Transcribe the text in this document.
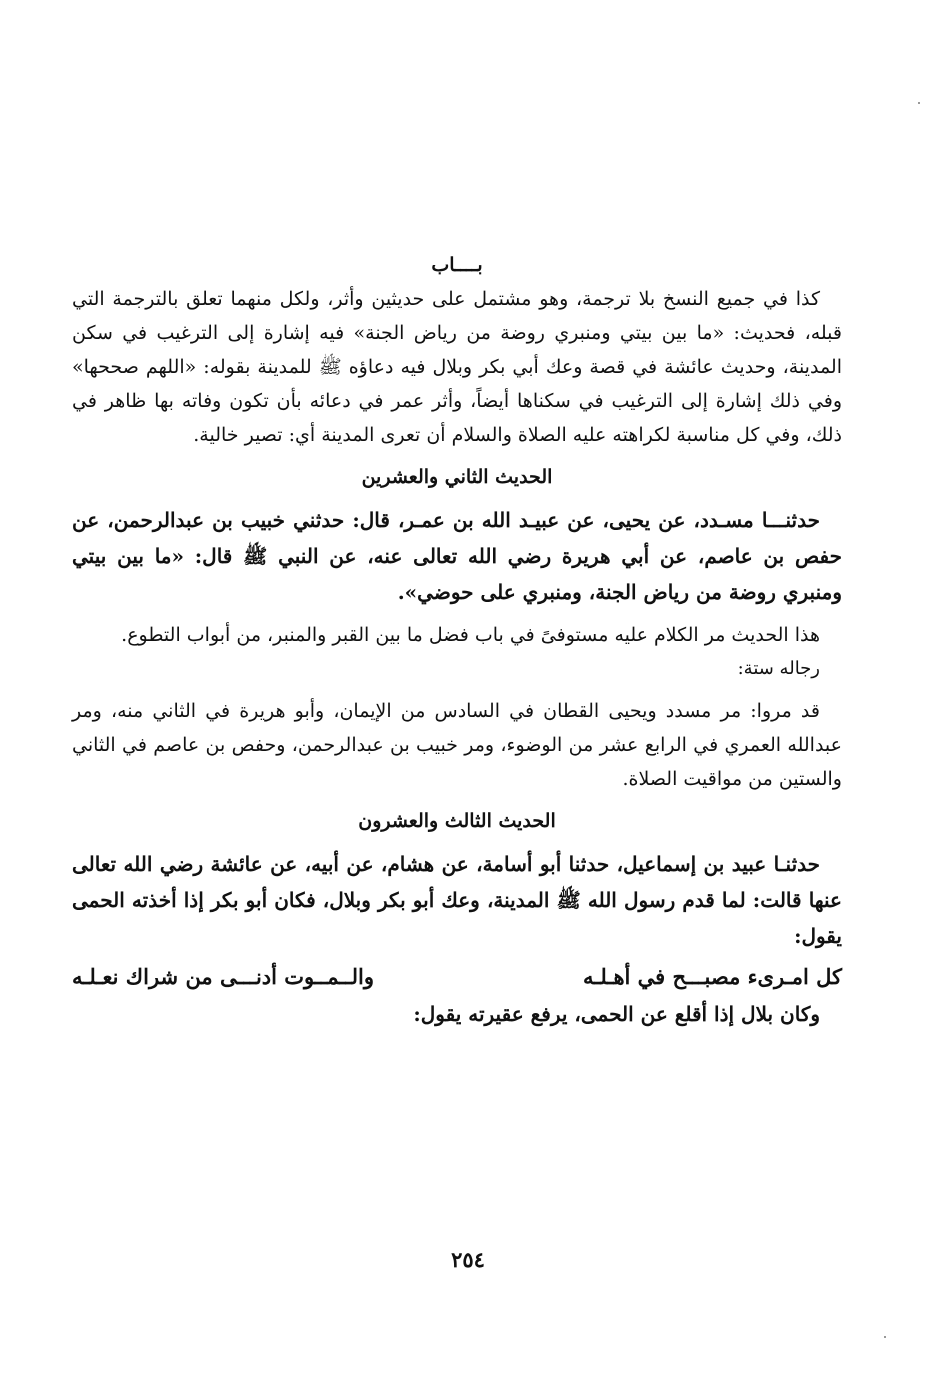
بــــاب

كذا في جميع النسخ بلا ترجمة، وهو مشتمل على حديثين وأثر، ولكل منهما تعلق بالترجمة التي قبله، فحديث: «ما بين بيتي ومنبري روضة من رياض الجنة» فيه إشارة إلى الترغيب في سكن المدينة، وحديث عائشة في قصة وعك أبي بكر وبلال فيه دعاؤه ﷺ للمدينة بقوله: «اللهم صححها» وفي ذلك إشارة إلى الترغيب في سكناها أيضاً، وأثر عمر في دعائه بأن تكون وفاته بها ظاهر في ذلك، وفي كل مناسبة لكراهته عليه الصلاة والسلام أن تعرى المدينة أي: تصير خالية.

الحديث الثاني والعشرين

حدثنـــا مسـدد، عن يحيى، عن عبيـد الله بن عمـر، قال: حدثني خبيب بن عبدالرحمن، عن حفص بن عاصم، عن أبي هريرة رضي الله تعالى عنه، عن النبي ﷺ قال: «ما بين بيتي ومنبري روضة من رياض الجنة، ومنبري على حوضي».

هذا الحديث مر الكلام عليه مستوفىً في باب فضل ما بين القبر والمنبر، من أبواب التطوع.

رجاله ستة:

قد مروا: مر مسدد ويحيى القطان في السادس من الإيمان، وأبو هريرة في الثاني منه، ومر عبدالله العمري في الرابع عشر من الوضوء، ومر خبيب بن عبدالرحمن، وحفص بن عاصم في الثاني والستين من مواقيت الصلاة.

الحديث الثالث والعشرون

حدثنـا عبيد بن إسماعيل، حدثنا أبو أسامة، عن هشام، عن أبيه، عن عائشة رضي الله تعالى عنها قالت: لما قدم رسول الله ﷺ المدينة، وعك أبو بكر وبلال، فكان أبو بكر إذا أخذته الحمى يقول:

كل امـرىء مصبـــح في أهـلـه
والــمــوت أدنـــى من شراك نعـلـه

وكان بلال إذا أقلع عن الحمى، يرفع عقيرته يقول:

٢٥٤
